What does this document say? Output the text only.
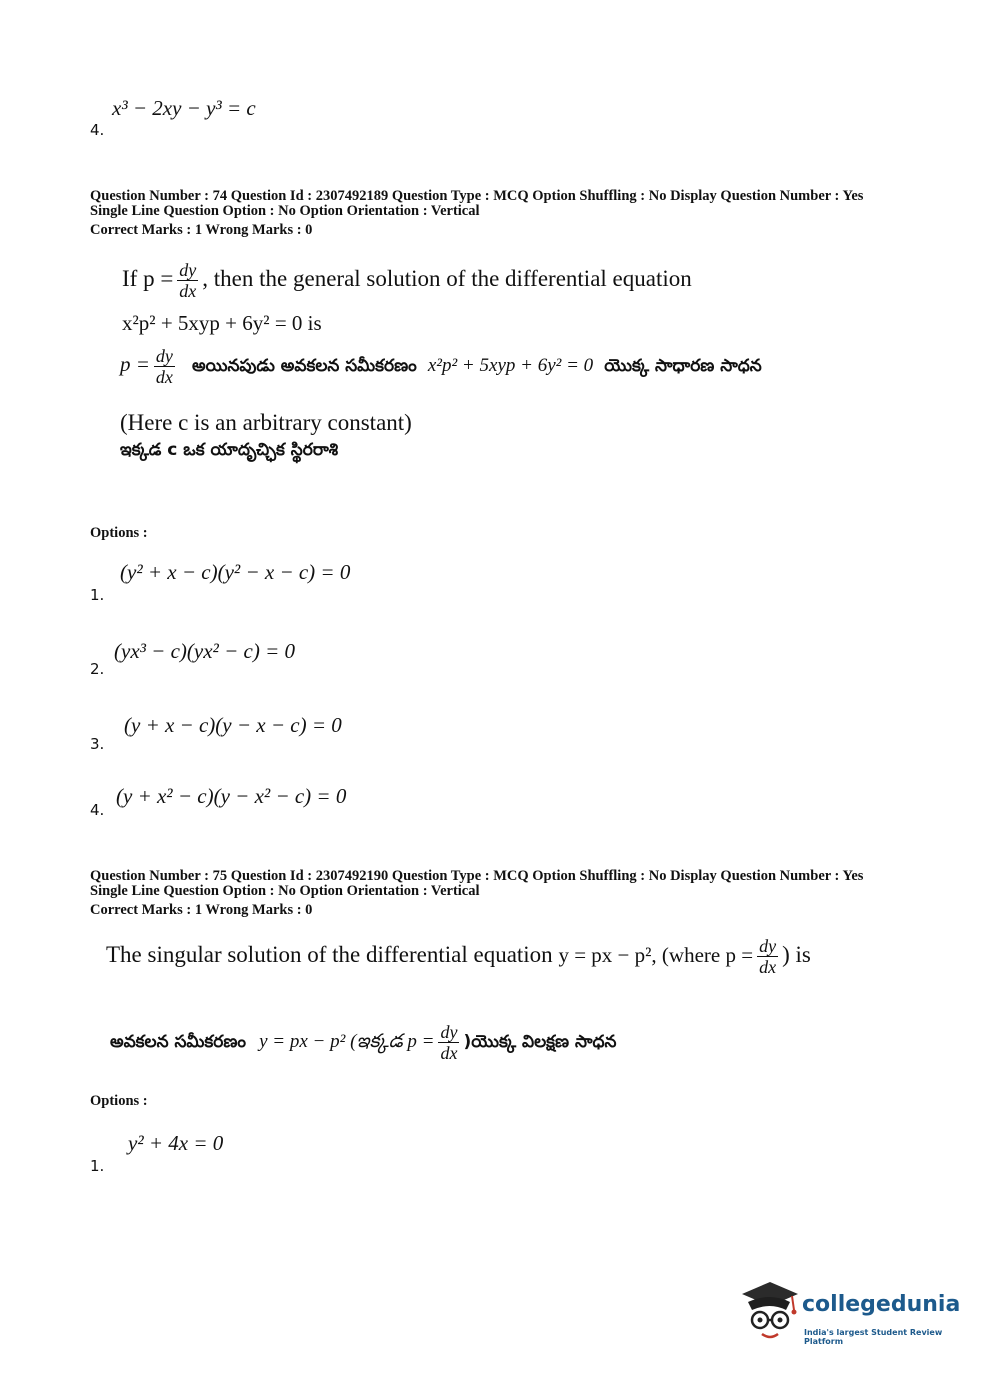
x³ − 2xy − y³ = c
4.
Question Number : 74 Question Id : 2307492189 Question Type : MCQ Option Shuffling : No Display Question Number : Yes
Single Line Question Option : No Option Orientation : Vertical
Correct Marks : 1 Wrong Marks : 0
If $p = \frac{dy}{dx}$ , then the general solution of the differential equation
x²p² + 5xyp + 6y² = 0 is
$p = \frac{dy}{dx}$ అయినపుడు అవకలన సమీకరణం x²p² + 5xyp + 6y² = 0 యొక్క సాధారణ సాధన
(Here c is an arbitrary constant)
ఇక్కడ c ఒక యాదృచ్ఛిక స్థిరరాశి
Options :
(y² + x − c)(y² − x − c) = 0
1.
(yx³ − c)(yx² − c) = 0
2.
(y + x − c)(y − x − c) = 0
3.
(y + x² − c)(y − x² − c) = 0
4.
Question Number : 75 Question Id : 2307492190 Question Type : MCQ Option Shuffling : No Display Question Number : Yes
Single Line Question Option : No Option Orientation : Vertical
Correct Marks : 1 Wrong Marks : 0
The singular solution of the differential equation y = px − p², (where $p = \frac{dy}{dx}$ ) is
అవకలన సమీకరణం y = px − p² (ఇక్కడ $p = \frac{dy}{dx}$ )యొక్క విలక్షణ సాధన
Options :
y² + 4x = 0
1.
collegedunia
India's largest Student Review Platform
